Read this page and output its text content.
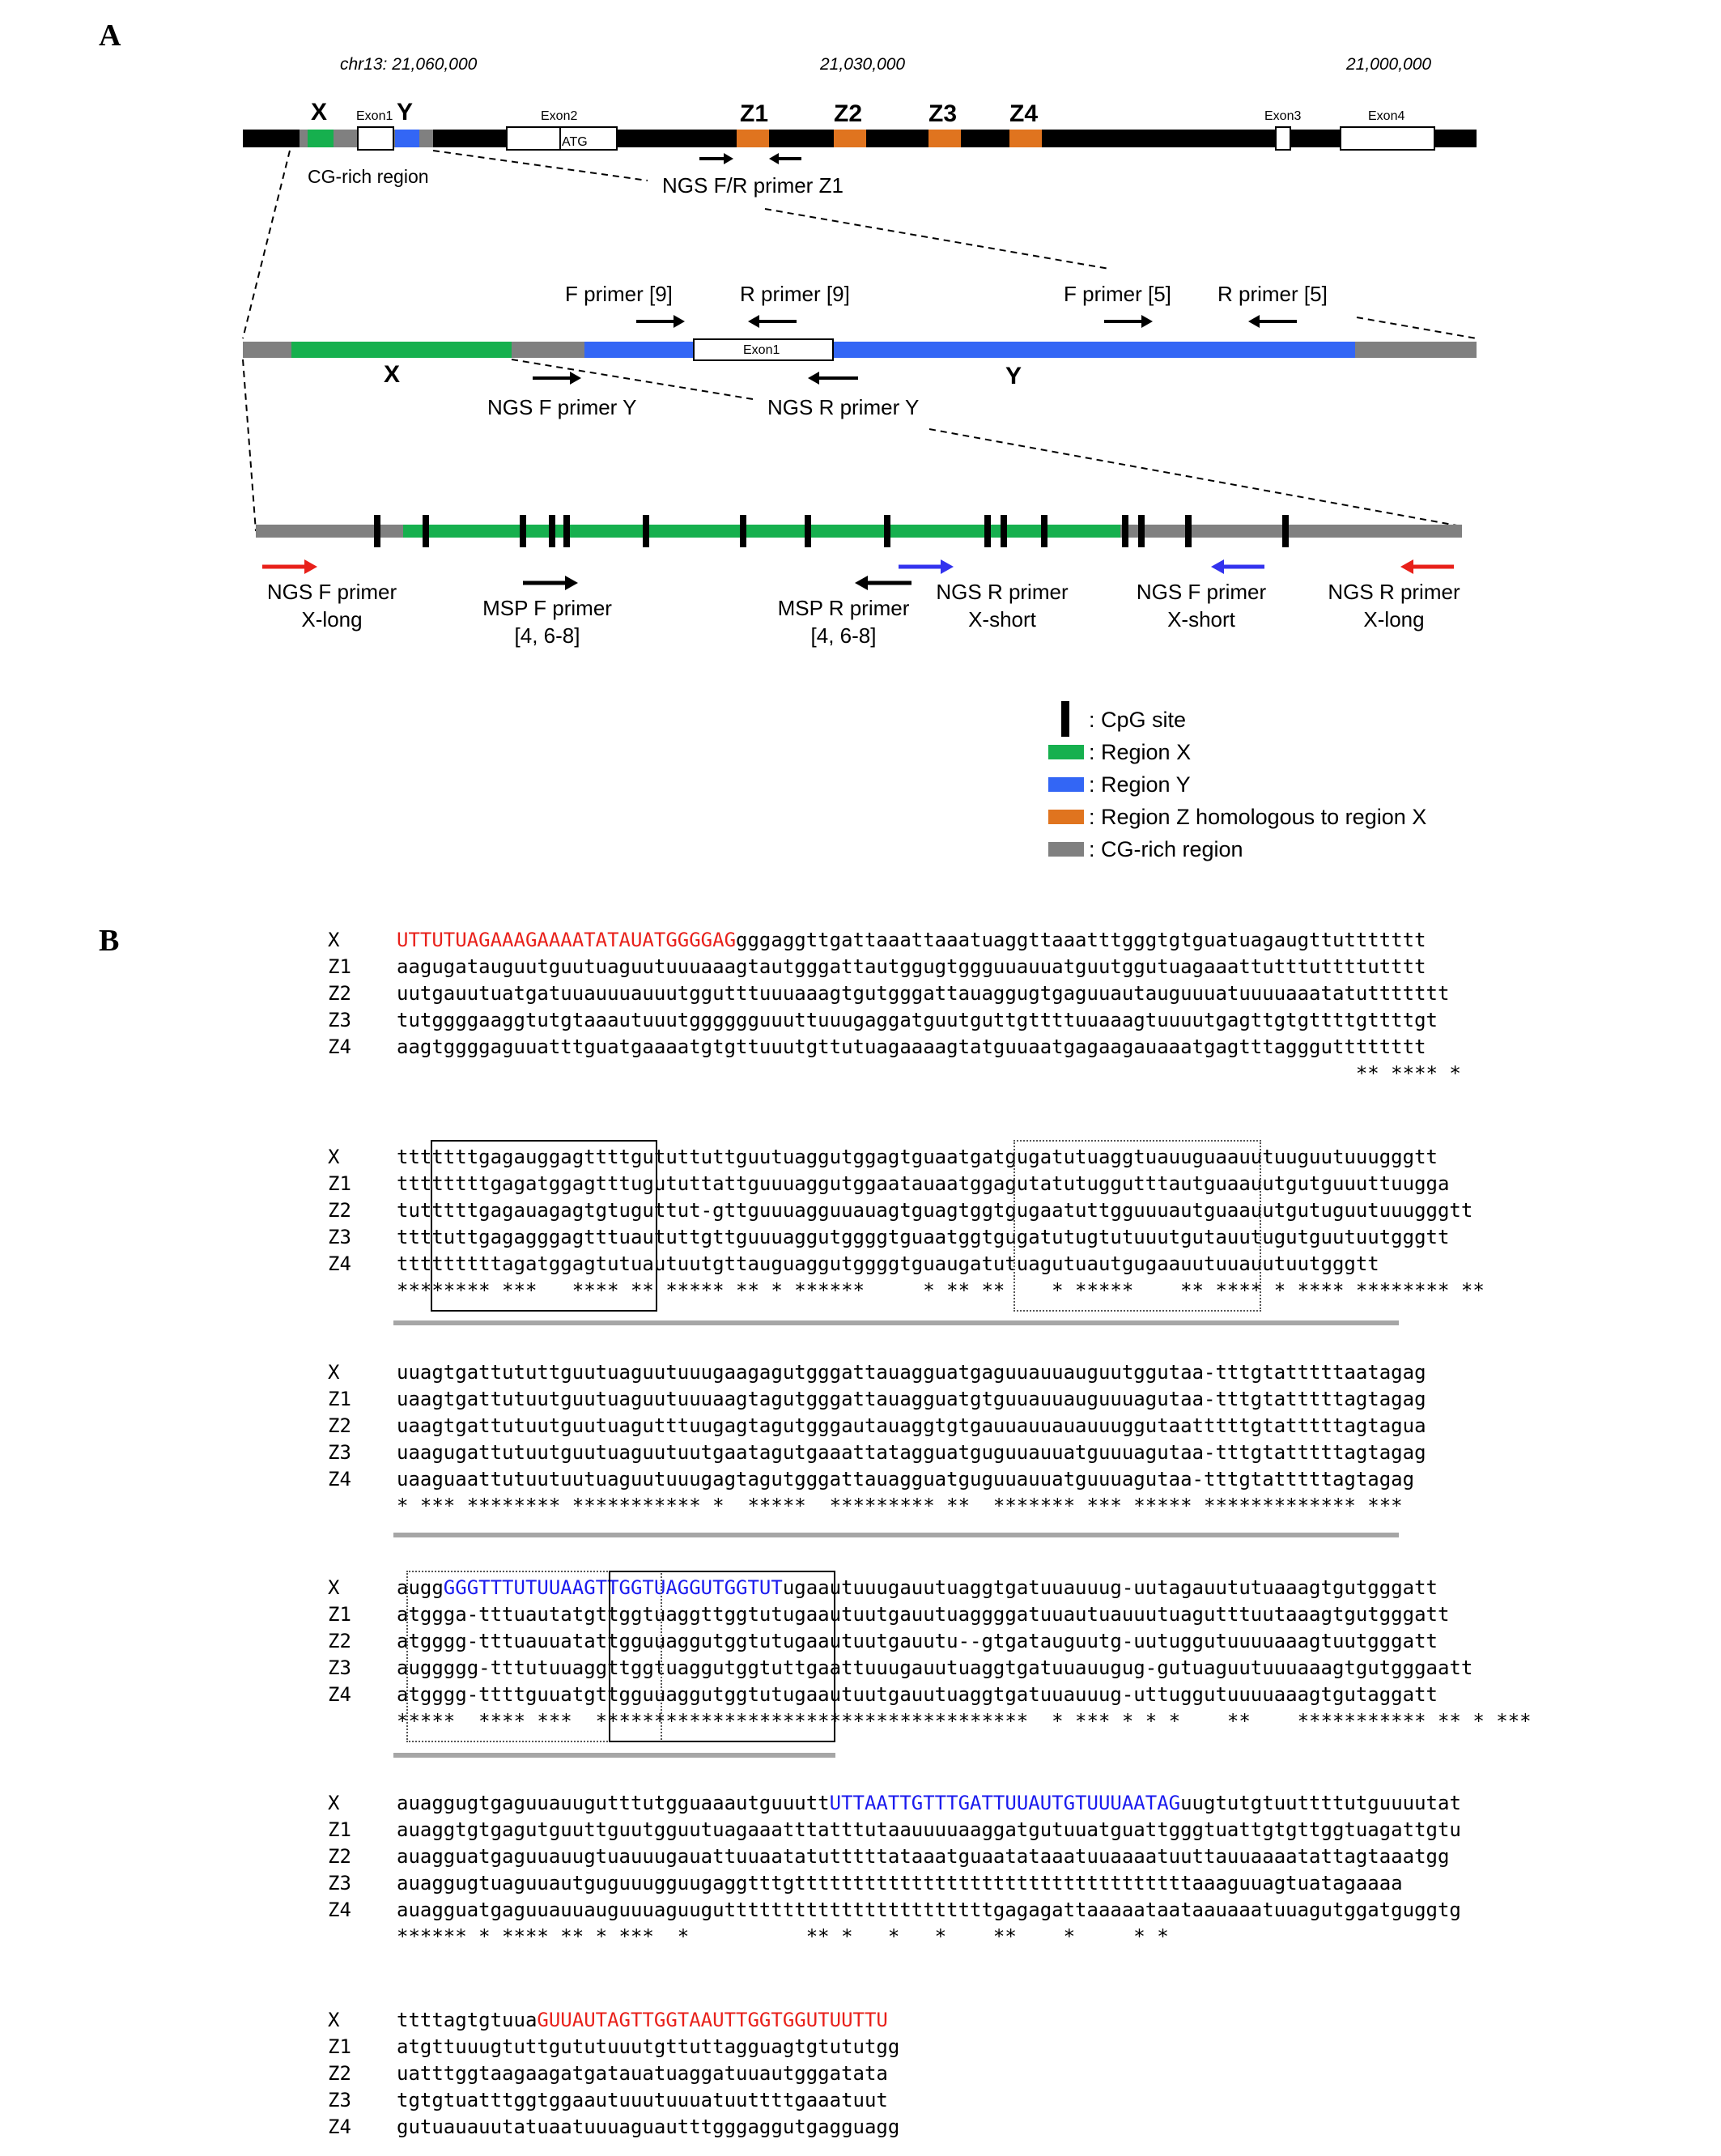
A
B
chr13: 21,060,000	21,030,000	21,000,000
X	Y
Exon1	Exon2
ATG
Z1	Z2	Z3 Z4	Exon3	Exon4
CG-rich region	NGS F/R primer Z1
Exon1
X	Y
F primer [9]	R primer [9]	F primer [5] R primer [5]
NGS F primer Y	NGS R primer Y
NGS F primer
X-long	MSP F primer
[4, 6-8]
MSP R primer
[4, 6-8]
NGS R primer
X-short
NGS F primer
X-short
NGS R primer
X-long
: CpG site
: Region X
: Region Y
: Region Z homologous to region X
: CG-rich region
X	UTTUTUAGAAAGAAAATATAUATGGGGAGgggaggttgattaaattaaatuaggttaaatttgggtgtguatuagaugttuttttttt
Z1	aagugatauguutguutuaguutuuuaaagtautgggattautggugtggguuauuatguutggutuagaaattutttuttttutttt
Z2	uutgauutuatgatuuauuuauuutggutttuuuaaagtgutgggattauaggugtgaguuautauguuuatuuuuaaatatuttttttt
Z3	tutggggaaggtutgtaaautuuutgggggguuuttuuugaggatguutguttgttttuuaaagtuuuutgagttgtgttttgttttgt
Z4	aagtggggaguuatttguatgaaaatgtgttuuutgttutuagaaaagtatguuaatgagaagauaaatgagtttagggutttttttt
** **** *
X	tttttttgagauggagttttgututtuttguutuaggutggagtguaatgatgugatutuaggtuauuguaauutuuguutuuugggtt
Z1	ttttttttgagatggagtttugututtattguuuaggutggaatauaatggagutatutuggutttautguaauutgutguuuttuugga
Z2	tutttttgagauagagtgtuguttut-gttguuuagguuauagtguagtggtgugaatuttgguuuautguaauutgutuguutuuugggtt
Z3	ttttuttgagagggagtttuaututtgttguuuaggutggggtguaatggtgugatutugtutuuutgutauutugutguutuutgggtt
Z4	tttttttttagatggagtutuautuutgttauguaggutggggtguaugatutuagutuautgugaauutuuauutuutgggtt
******** ***   **** ** ***** ** * ******     * ** **    * *****    ** **** * **** ******** **
X	uuagtgattututtguutuaguutuuugaagagutgggattauagguatgaguuauuauguutggutaa-tttgtatttttaatagag
Z1	uaagtgattutuutguutuaguutuuuaagtagutgggattauagguatgtguuauuauguuuagutaa-tttgtatttttagtagag
Z2	uaagtgattutuutguutuagutttuugagtagutgggautauaggtgtgauuauuauauuuggutaatttttgtatttttagtagua
Z3	uaagugattutuutguutuaguutuutgaatagutgaaattatagguatguguuauuatguuuagutaa-tttgtatttttagtagag
Z4	uaaguaattutuutuutuaguutuuugagtagutgggattauagguatguguuauuatguuuagutaa-tttgtatttttagtagag
* *** ******** *********** *  *****  ********* **  ******* *** ***** ************* ***
X	auggGGGTTTUTUUAAGTTGGTUAGGUTGGTUTugaautuuugauutuaggtgatuuauuug-uutagauututuaaagtgutgggatt
Z1	atggga-tttuautatgttggtuaggttggtutugaautuutgauutuaggggatuuautuauuutuagutttuutaaagtgutgggatt
Z2	atgggg-tttuauuatattgguuaggutggtutugaautuutgauutu--gtgatauguutg-uutuggutuuuuaaagtuutgggatt
Z3	auggggg-tttutuuaggttggtuaggutggtuttgaattuuugauutuaggtgatuuauugug-gutuaguutuuuaaagtgutgggaatt
Z4	atgggg-ttttguuatgttgguuaggutggtutugaautuutgauutuaggtgatuuauuug-uttuggutuuuuaaagtgutaggatt
*****  **** ***  *************************************  * *** * * *    **    *********** ** * ***
X	auaggugtgaguuauugutttutgguaaautguuuttUTTAATTGTTTGATTUUAUTGTUUUAATAGuugtutgtuuttttutguuuutat
Z1	auaggtgtgagutguuttguutgguutuagaaatttatttutaauuuuaaggatgutuuatguattgggtuattgtgttggtuagattgtu
Z2	auagguatgaguuauugtuauuugauattuuaatatutttttataaatguaatataaatuuaaaatuuttauuaaaatattagtaaatgg
Z3	auaggugtuaguuautguguuugguugaggtttgttttttttttttttttttttttttttttttttttaaaguuagtuatagaaaa
Z4	auagguatgaguuauuauguuuaguugutttttttttttttttttttttttgagagattaaaaataataauaaatuuagutggatguggtg
****** * **** ** * ***  *          ** *   *   *    **    *     * *
X	ttttagtgtuuaGUUAUTAGTTGGTAAUTTGGTGGUTUUTTU
Z1	atgttuuugtuttgututuuutgttuttagguagtgtututgg
Z2	uatttggtaagaagatgatauatuaggatuuautgggatata
Z3	tgtgtuatttggtggaautuuutuuuatuuttttgaaatuut
Z4	gutuauauutatuaatuuuaguautttgggaggutgagguagg
